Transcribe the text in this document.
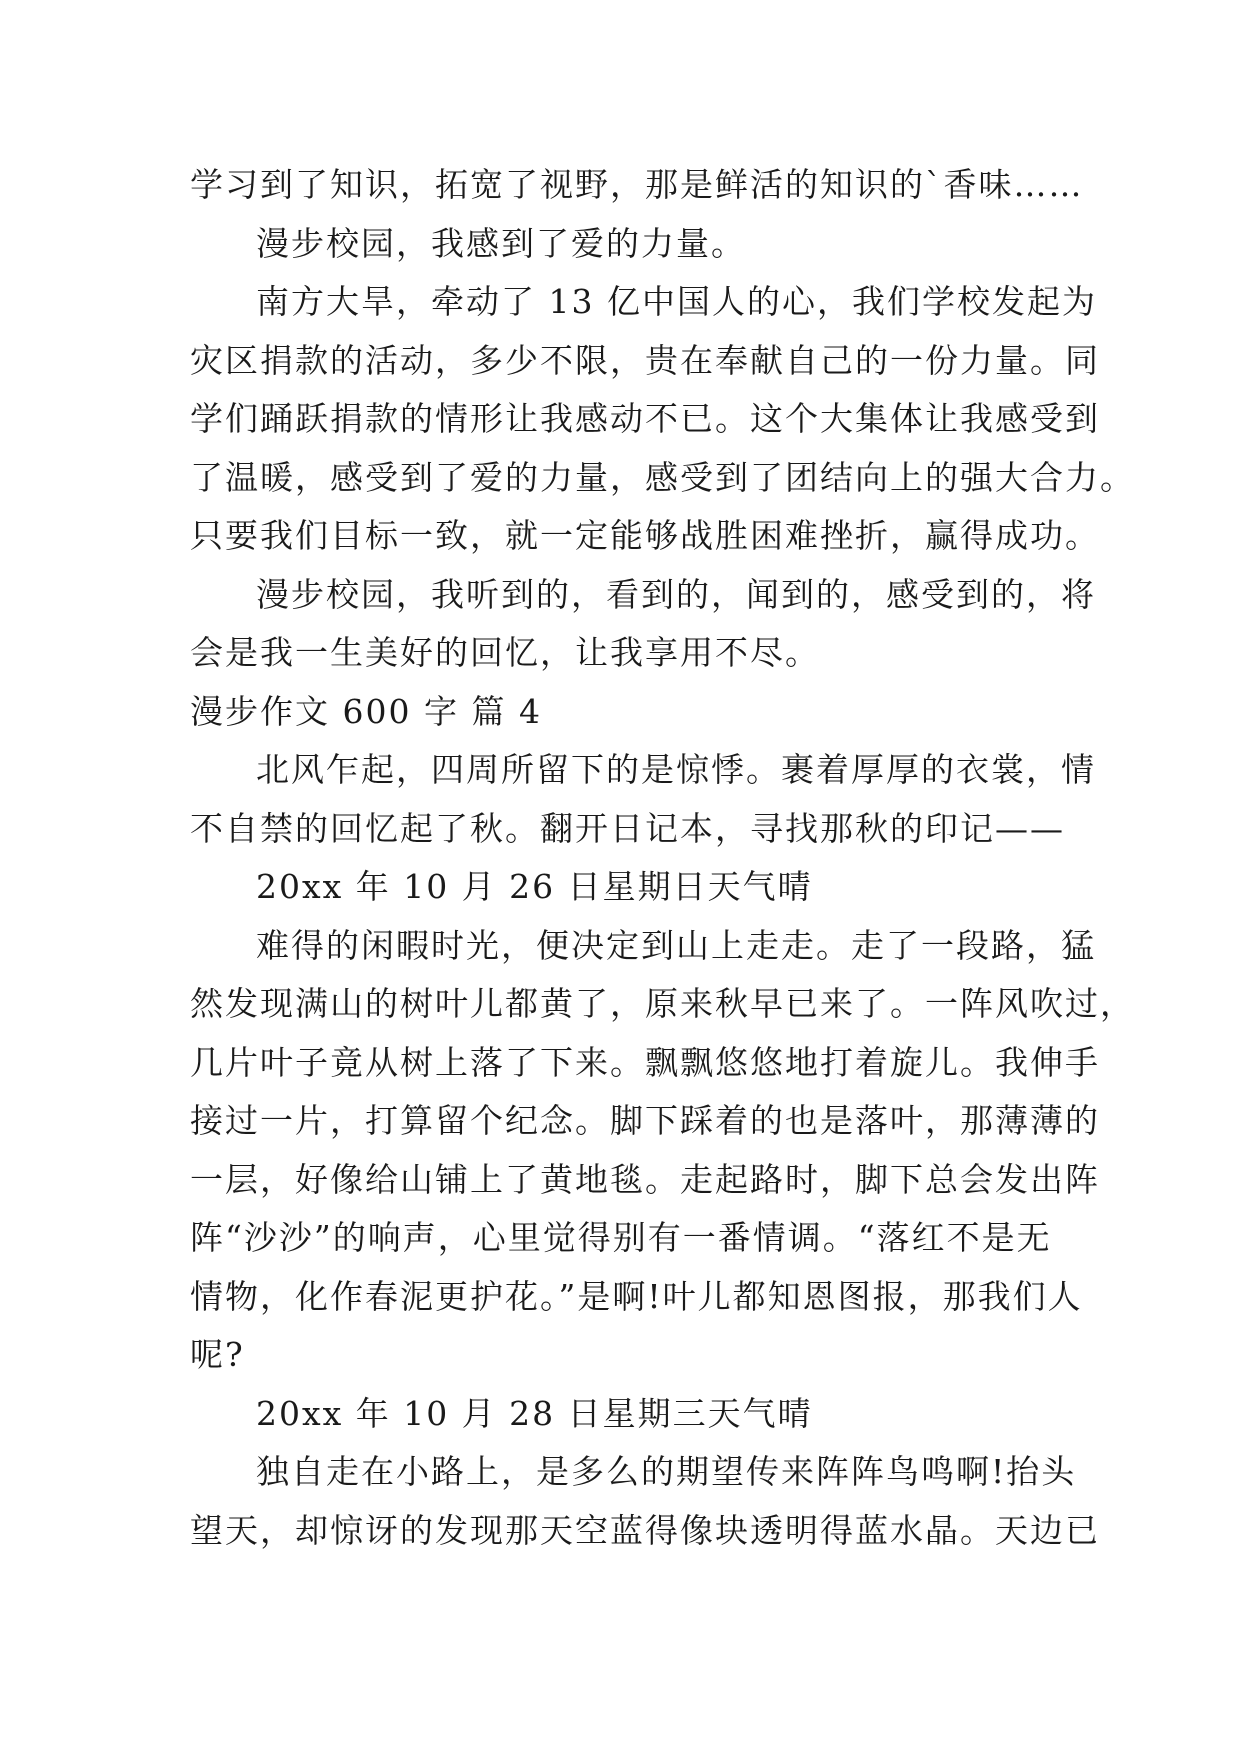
学习到了知识，拓宽了视野，那是鲜活的知识的`香味……
漫步校园，我感到了爱的力量。
南方大旱，牵动了 13 亿中国人的心，我们学校发起为
灾区捐款的活动，多少不限，贵在奉献自己的一份力量。同
学们踊跃捐款的情形让我感动不已。这个大集体让我感受到
了温暖，感受到了爱的力量，感受到了团结向上的强大合力。
只要我们目标一致，就一定能够战胜困难挫折，赢得成功。
漫步校园，我听到的，看到的，闻到的，感受到的，将
会是我一生美好的回忆，让我享用不尽。
漫步作文 600 字 篇 4
北风乍起，四周所留下的是惊悸。裹着厚厚的衣裳，情
不自禁的回忆起了秋。翻开日记本，寻找那秋的印记——
20xx 年 10 月 26 日星期日天气晴
难得的闲暇时光，便决定到山上走走。走了一段路，猛
然发现满山的树叶儿都黄了，原来秋早已来了。一阵风吹过，
几片叶子竟从树上落了下来。飘飘悠悠地打着旋儿。我伸手
接过一片，打算留个纪念。脚下踩着的也是落叶，那薄薄的
一层，好像给山铺上了黄地毯。走起路时，脚下总会发出阵
阵“沙沙”的响声，心里觉得别有一番情调。“落红不是无
情物，化作春泥更护花。”是啊!叶儿都知恩图报，那我们人
呢?
20xx 年 10 月 28 日星期三天气晴
独自走在小路上，是多么的期望传来阵阵鸟鸣啊!抬头
望天，却惊讶的发现那天空蓝得像块透明得蓝水晶。天边已
